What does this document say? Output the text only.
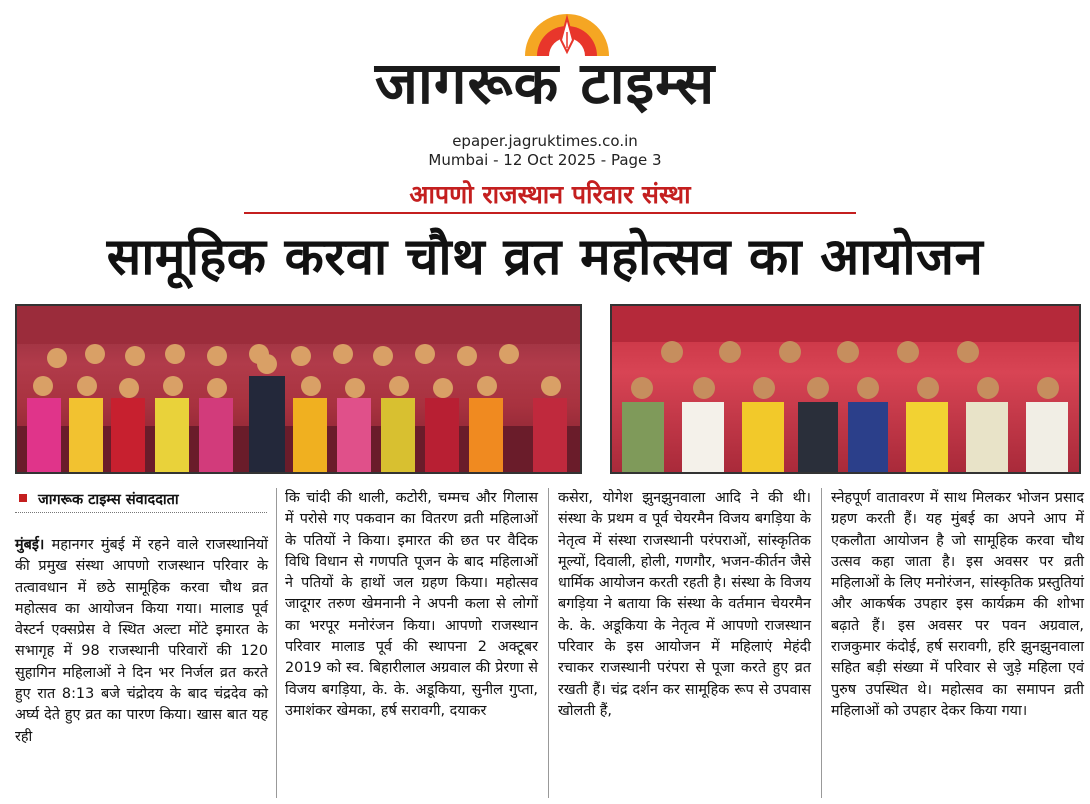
जागरूक टाइम्स
epaper.jagruktimes.co.in
Mumbai - 12 Oct 2025 - Page 3
आपणो राजस्थान परिवार संस्था
सामूहिक करवा चौथ व्रत महोत्सव का आयोजन
जागरूक टाइम्स संवाददाता
मुंबई। महानगर मुंबई में रहने वाले राजस्थानियों की प्रमुख संस्था आपणो राजस्थान परिवार के तत्वावधान में छठे सामूहिक करवा चौथ व्रत महोत्सव का आयोजन किया गया। मालाड पूर्व वेस्टर्न एक्सप्रेस वे स्थित अल्टा मोंटे इमारत के सभागृह में 98 राजस्थानी परिवारों की 120 सुहागिन महिलाओं ने दिन भर निर्जल व्रत करते हुए रात 8:13 बजे चंद्रोदय के बाद चंद्रदेव को अर्घ्य देते हुए व्रत का पारण किया। खास बात यह रही
कि चांदी की थाली, कटोरी, चम्मच और गिलास में परोसे गए पकवान का वितरण व्रती महिलाओं के पतियों ने किया। इमारत की छत पर वैदिक विधि विधान से गणपति पूजन के बाद महिलाओं ने पतियों के हाथों जल ग्रहण किया। महोत्सव जादूगर तरुण खेमनानी ने अपनी कला से लोगों का भरपूर मनोरंजन किया। आपणो राजस्थान परिवार मालाड पूर्व की स्थापना 2 अक्टूबर 2019 को स्व. बिहारीलाल अग्रवाल की प्रेरणा से विजय बगड़िया, के. के. अडूकिया, सुनील गुप्ता, उमाशंकर खेमका, हर्ष सरावगी, दयाकर
कसेरा, योगेश झुनझुनवाला आदि ने की थी। संस्था के प्रथम व पूर्व चेयरमैन विजय बगड़िया के नेतृत्व में संस्था राजस्थानी परंपराओं, सांस्कृतिक मूल्यों, दिवाली, होली, गणगौर, भजन-कीर्तन जैसे धार्मिक आयोजन करती रहती है। संस्था के विजय बगड़िया ने बताया कि संस्था के वर्तमान चेयरमैन के. के. अडूकिया के नेतृत्व में आपणो राजस्थान परिवार के इस आयोजन में महिलाएं मेहंदी रचाकर राजस्थानी परंपरा से पूजा करते हुए व्रत रखती हैं। चंद्र दर्शन कर सामूहिक रूप से उपवास खोलती हैं,
स्नेहपूर्ण वातावरण में साथ मिलकर भोजन प्रसाद ग्रहण करती हैं। यह मुंबई का अपने आप में एकलौता आयोजन है जो सामूहिक करवा चौथ उत्सव कहा जाता है। इस अवसर पर व्रती महिलाओं के लिए मनोरंजन, सांस्कृतिक प्रस्तुतियां और आकर्षक उपहार इस कार्यक्रम की शोभा बढ़ाते हैं। इस अवसर पर पवन अग्रवाल, राजकुमार कंदोई, हर्ष सरावगी, हरि झुनझुनवाला सहित बड़ी संख्या में परिवार से जुड़े महिला एवं पुरुष उपस्थित थे। महोत्सव का समापन व्रती महिलाओं को उपहार देकर किया गया।
